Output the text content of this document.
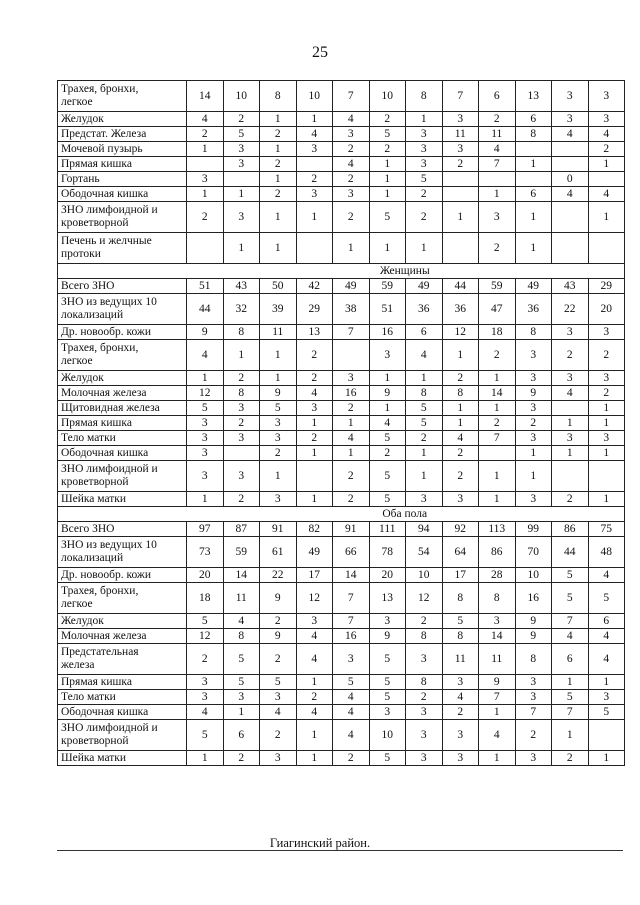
25
Трахея, бронхи,
легкое	14	10	8	10	7	10	8	7	6	13	3	3
Желудок	4	2	1	1	4	2	1	3	2	6	3	3
Предстат. Железа	2	5	2	4	3	5	3	11	11	8	4	4
Мочевой пузырь	1	3	1	3	2	2	3	3	4			2
Прямая кишка		3	2		4	1	3	2	7	1		1
Гортань	3		1	2	2	1	5				0	
Ободочная кишка	1	1	2	3	3	1	2		1	6	4	4
ЗНО лимфоидной и
кроветворной	2	3	1	1	2	5	2	1	3	1		1
Печень и желчные
протоки		1	1		1	1	1		2	1		
	Женщины											
Всего ЗНО	51	43	50	42	49	59	49	44	59	49	43	29
ЗНО из ведущих 10
локализаций	44	32	39	29	38	51	36	36	47	36	22	20
Др. новообр. кожи	9	8	11	13	7	16	6	12	18	8	3	3
Трахея, бронхи,
легкое	4	1	1	2		3	4	1	2	3	2	2
Желудок	1	2	1	2	3	1	1	2	1	3	3	3
Молочная железа	12	8	9	4	16	9	8	8	14	9	4	2
Щитовидная железа	5	3	5	3	2	1	5	1	1	3		1
Прямая кишка	3	2	3	1	1	4	5	1	2	2	1	1
Тело матки	3	3	3	2	4	5	2	4	7	3	3	3
Ободочная кишка	3		2	1	1	2	1	2		1	1	1
ЗНО лимфоидной и
кроветворной	3	3	1		2	5	1	2	1	1		
Шейка матки	1	2	3	1	2	5	3	3	1	3	2	1
	Оба пола											
Всего ЗНО	97	87	91	82	91	111	94	92	113	99	86	75
ЗНО из ведущих 10
локализаций	73	59	61	49	66	78	54	64	86	70	44	48
Др. новообр. кожи	20	14	22	17	14	20	10	17	28	10	5	4
Трахея, бронхи,
легкое	18	11	9	12	7	13	12	8	8	16	5	5
Желудок	5	4	2	3	7	3	2	5	3	9	7	6
Молочная железа	12	8	9	4	16	9	8	8	14	9	4	4
Предстательная
железа	2	5	2	4	3	5	3	11	11	8	6	4
Прямая кишка	3	5	5	1	5	5	8	3	9	3	1	1
Тело матки	3	3	3	2	4	5	2	4	7	3	5	3
Ободочная кишка	4	1	4	4	4	3	3	2	1	7	7	5
ЗНО лимфоидной и
кроветворной	5	6	2	1	4	10	3	3	4	2	1	
Шейка матки	1	2	3	1	2	5	3	3	1	3	2	1
Гиагинский район.
